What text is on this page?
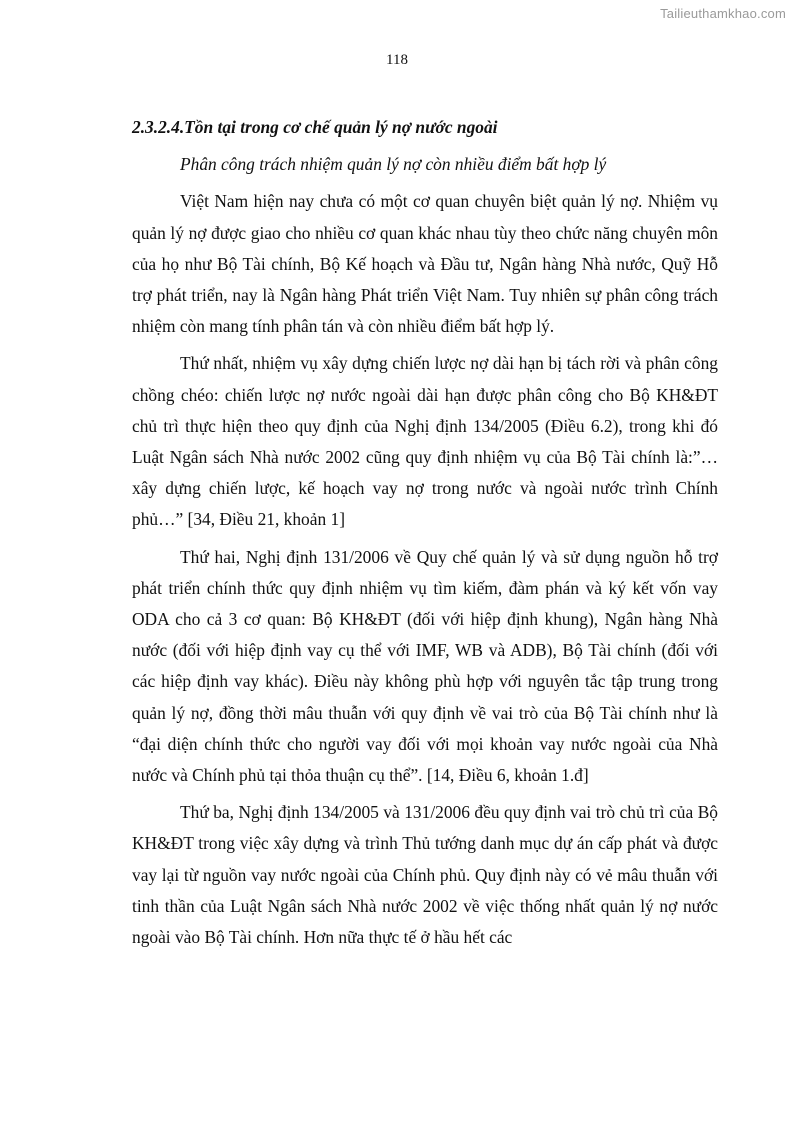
Tailieuthamkhao.com
118

2.3.2.4.Tồn tại trong cơ chế quản lý nợ nước ngoài

Phân công trách nhiệm quản lý nợ còn nhiều điểm bất hợp lý

Việt Nam hiện nay chưa có một cơ quan chuyên biệt quản lý nợ. Nhiệm vụ quản lý nợ được giao cho nhiều cơ quan khác nhau tùy theo chức năng chuyên môn của họ như Bộ Tài chính, Bộ Kế hoạch và Đầu tư, Ngân hàng Nhà nước, Quỹ Hỗ trợ phát triển, nay là Ngân hàng Phát triển Việt Nam. Tuy nhiên sự phân công trách nhiệm còn mang tính phân tán và còn nhiều điểm bất hợp lý.

Thứ nhất, nhiệm vụ xây dựng chiến lược nợ dài hạn bị tách rời và phân công chồng chéo: chiến lược nợ nước ngoài dài hạn được phân công cho Bộ KH&ĐT chủ trì thực hiện theo quy định của Nghị định 134/2005 (Điều 6.2), trong khi đó Luật Ngân sách Nhà nước 2002 cũng quy định nhiệm vụ của Bộ Tài chính là:”…xây dựng chiến lược, kế hoạch vay nợ trong nước và ngoài nước trình Chính phủ…” [34, Điều 21, khoản 1]

Thứ hai, Nghị định 131/2006 về Quy chế quản lý và sử dụng nguồn hỗ trợ phát triển chính thức quy định nhiệm vụ tìm kiếm, đàm phán và ký kết vốn vay ODA cho cả 3 cơ quan: Bộ KH&ĐT (đối với hiệp định khung), Ngân hàng Nhà nước (đối với hiệp định vay cụ thể với IMF, WB và ADB), Bộ Tài chính (đối với các hiệp định vay khác). Điều này không phù hợp với nguyên tắc tập trung trong quản lý nợ, đồng thời mâu thuẫn với quy định về vai trò của Bộ Tài chính như là “đại diện chính thức cho người vay đối với mọi khoản vay nước ngoài của Nhà nước và Chính phủ tại thỏa thuận cụ thể”. [14, Điều 6, khoản 1.đ]

Thứ ba, Nghị định 134/2005 và 131/2006 đều quy định vai trò chủ trì của Bộ KH&ĐT trong việc xây dựng và trình Thủ tướng danh mục dự án cấp phát và được vay lại từ nguồn vay nước ngoài của Chính phủ. Quy định này có vẻ mâu thuẫn với tinh thần của Luật Ngân sách Nhà nước 2002 về việc thống nhất quản lý nợ nước ngoài vào Bộ Tài chính. Hơn nữa thực tế ở hầu hết các
